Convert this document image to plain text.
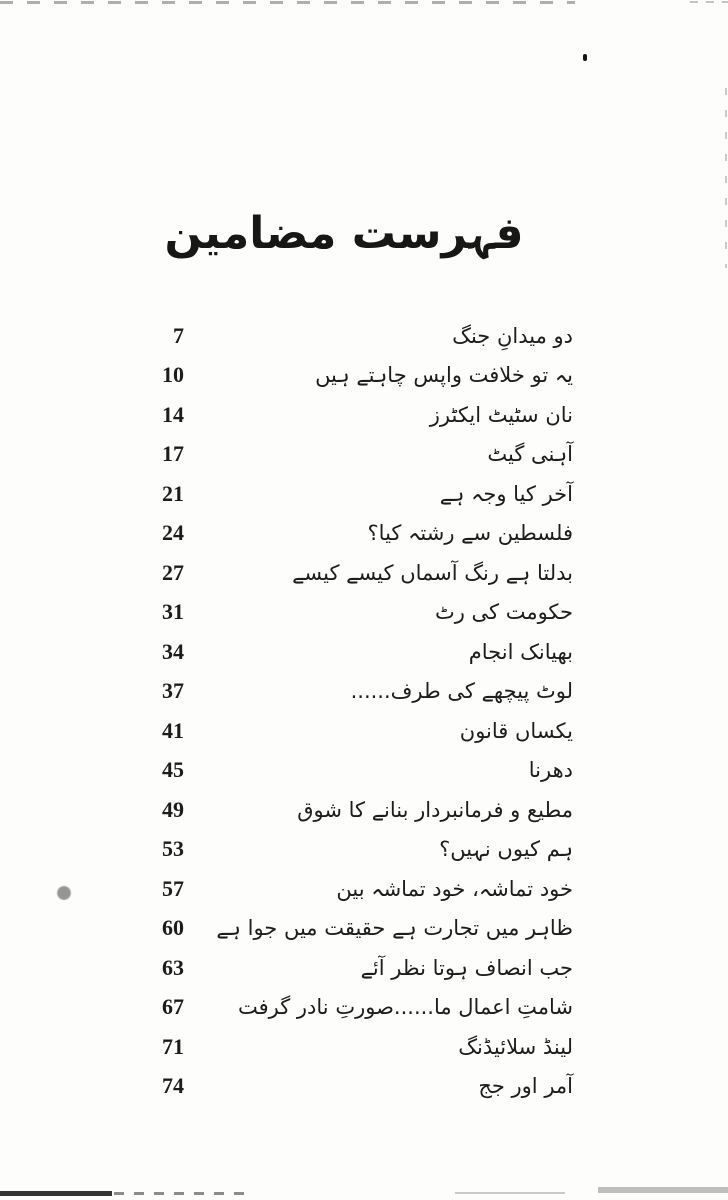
فہرست مضامین
7	دو میدانِ جنگ
10	یہ تو خلافت واپس چاہتے ہیں
14	نان سٹیٹ ایکٹرز
17	آہنی گیٹ
21	آخر کیا وجہ ہے
24	فلسطین سے رشتہ کیا؟
27	بدلتا ہے رنگ آسماں کیسے کیسے
31	حکومت کی رٹ
34	بھیانک انجام
37	لوٹ پیچھے کی طرف......
41	یکساں قانون
45	دھرنا
49	مطیع و فرمانبردار بنانے کا شوق
53	ہم کیوں نہیں؟
57	خود تماشہ، خود تماشہ بین
60 ظاہر میں تجارت ہے حقیقت میں جوا ہے
63	جب انصاف ہوتا نظر آئے
67	شامتِ اعمال ما......صورتِ نادر گرفت
71	لینڈ سلائیڈنگ
74	آمر اور جج
